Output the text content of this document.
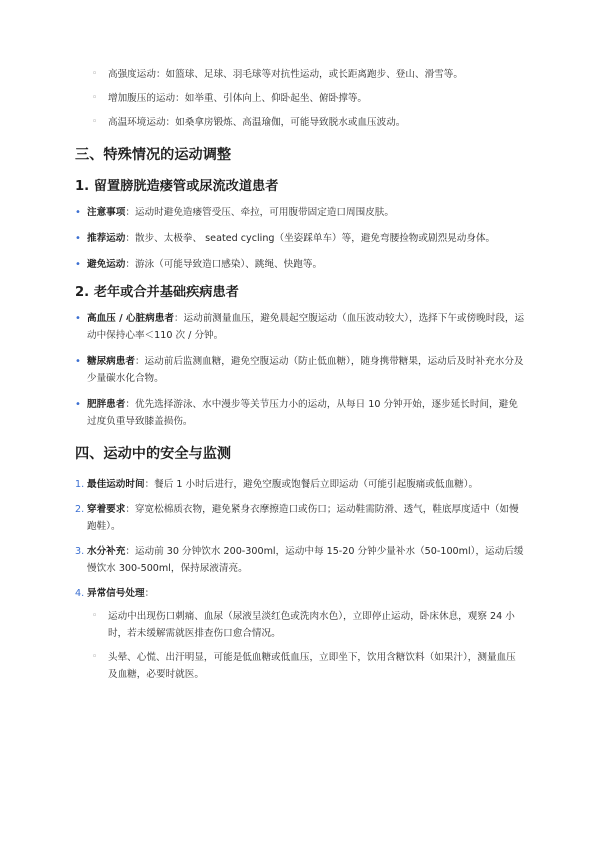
◦ 高强度运动：如篮球、足球、羽毛球等对抗性运动，或长距离跑步、登山、滑雪等。
◦ 增加腹压的运动：如举重、引体向上、仰卧起坐、俯卧撑等。
◦ 高温环境运动：如桑拿房锻炼、高温瑜伽，可能导致脱水或血压波动。
三、特殊情况的运动调整
1. 留置膀胱造瘘管或尿流改道患者
• 注意事项：运动时避免造瘘管受压、牵拉，可用腹带固定造口周围皮肤。
• 推荐运动：散步、太极拳、 seated cycling（坐姿踩单车）等，避免弯腰捡物或剧烈晃动身体。
• 避免运动：游泳（可能导致造口感染）、跳绳、快跑等。
2. 老年或合并基础疾病患者
• 高血压 / 心脏病患者：运动前测量血压，避免晨起空腹运动（血压波动较大），选择下午或傍晚时段，运动中保持心率＜110 次 / 分钟。
• 糖尿病患者：运动前后监测血糖，避免空腹运动（防止低血糖），随身携带糖果，运动后及时补充水分及少量碳水化合物。
• 肥胖患者：优先选择游泳、水中漫步等关节压力小的运动，从每日 10 分钟开始，逐步延长时间，避免过度负重导致膝盖损伤。
四、运动中的安全与监测
1. 最佳运动时间：餐后 1 小时后进行，避免空腹或饱餐后立即运动（可能引起腹痛或低血糖）。
2. 穿着要求：穿宽松棉质衣物，避免紧身衣摩擦造口或伤口；运动鞋需防滑、透气，鞋底厚度适中（如慢跑鞋）。
3. 水分补充：运动前 30 分钟饮水 200-300ml，运动中每 15-20 分钟少量补水（50-100ml），运动后缓慢饮水 300-500ml，保持尿液清亮。
4. 异常信号处理：
◦ 运动中出现伤口刺痛、血尿（尿液呈淡红色或洗肉水色），立即停止运动，卧床休息，观察 24 小时，若未缓解需就医排查伤口愈合情况。
◦ 头晕、心慌、出汗明显，可能是低血糖或低血压，立即坐下，饮用含糖饮料（如果汁），测量血压及血糖，必要时就医。
